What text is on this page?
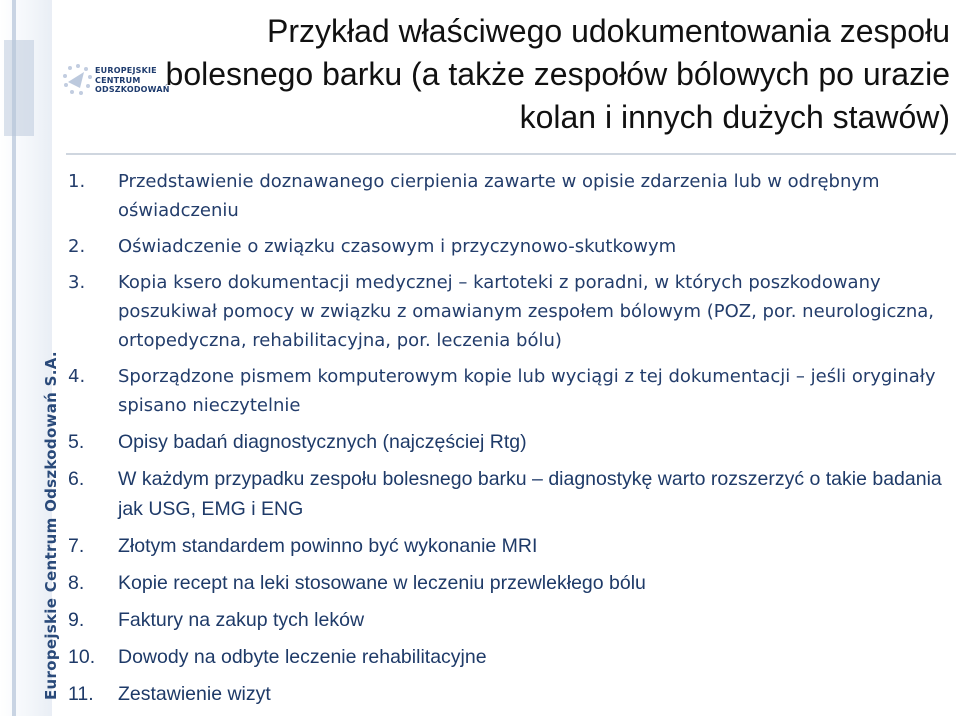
EUROPEJSKIE
CENTRUM
ODSZKODOWAŃ
Europejskie Centrum Odszkodowań S.A.
Przykład właściwego udokumentowania zespołu
bolesnego barku (a także zespołów bólowych po urazie
kolan i innych dużych stawów)
1.	Przedstawienie doznawanego cierpienia zawarte w opisie zdarzenia lub w odrębnym oświadczeniu
2.	Oświadczenie o związku czasowym i przyczynowo-skutkowym
3.	Kopia ksero dokumentacji medycznej – kartoteki z poradni, w których poszkodowany poszukiwał pomocy w związku z omawianym zespołem bólowym (POZ, por. neurologiczna, ortopedyczna, rehabilitacyjna, por. leczenia bólu)
4.	Sporządzone pismem komputerowym kopie lub wyciągi z tej dokumentacji – jeśli oryginały spisano nieczytelnie
5.	Opisy badań diagnostycznych (najczęściej Rtg)
6.	W każdym przypadku zespołu bolesnego barku – diagnostykę warto rozszerzyć o takie badania jak USG, EMG i ENG
7.	Złotym standardem powinno być wykonanie MRI
8.	Kopie recept na leki stosowane w leczeniu przewlekłego bólu
9.	Faktury na zakup tych leków
10.	Dowody na odbyte leczenie rehabilitacyjne
11.	Zestawienie wizyt
